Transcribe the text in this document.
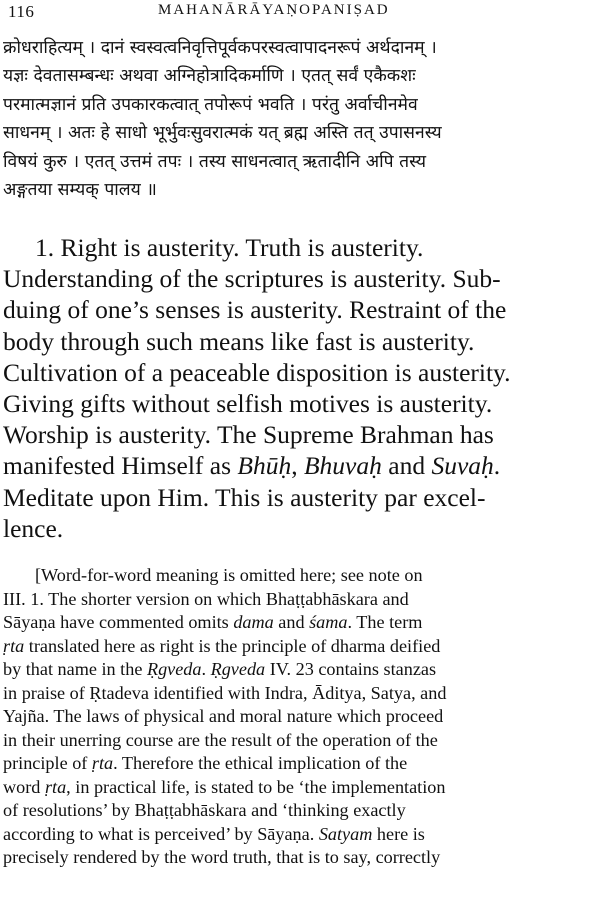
116	MAHANĀRĀYAṆOPANIṢAD
क्रोधराहित्यम् । दानं स्वस्वत्वनिवृत्तिपूर्वकपरस्वत्वापादनरूपं अर्थदानम् ।
यज्ञः देवतासम्बन्धः अथवा अग्निहोत्रादिकर्माणि । एतत् सर्वं एकैकशः
परमात्मज्ञानं प्रति उपकारकत्वात् तपोरूपं भवति । परंतु अर्वाचीनमेव
साधनम् । अतः हे साधो भूर्भुवःसुवरात्मकं यत् ब्रह्म अस्ति तत् उपासनस्य
विषयं कुरु । एतत् उत्तमं तपः । तस्य साधनत्वात् ऋतादीनि अपि तस्य
अङ्गतया सम्यक् पालय ॥
1. Right is austerity. Truth is austerity.
Understanding of the scriptures is austerity. Sub-
duing of one’s senses is austerity. Restraint of the
body through such means like fast is austerity.
Cultivation of a peaceable disposition is austerity.
Giving gifts without selfish motives is austerity.
Worship is austerity. The Supreme Brahman has
manifested Himself as Bhūḥ, Bhuvaḥ and Suvaḥ.
Meditate upon Him. This is austerity par excel-
lence.
[Word-for-word meaning is omitted here; see note on
III. 1. The shorter version on which Bhaṭṭabhāskara and
Sāyaṇa have commented omits dama and śama. The term
ṛta translated here as right is the principle of dharma deified
by that name in the Ṛgveda. Ṛgveda IV. 23 contains stanzas
in praise of Ṛtadeva identified with Indra, Āditya, Satya, and
Yajña. The laws of physical and moral nature which proceed
in their unerring course are the result of the operation of the
principle of ṛta. Therefore the ethical implication of the
word ṛta, in practical life, is stated to be ‘the implementation
of resolutions’ by Bhaṭṭabhāskara and ‘thinking exactly
according to what is perceived’ by Sāyaṇa. Satyam here is
precisely rendered by the word truth, that is to say, correctly
